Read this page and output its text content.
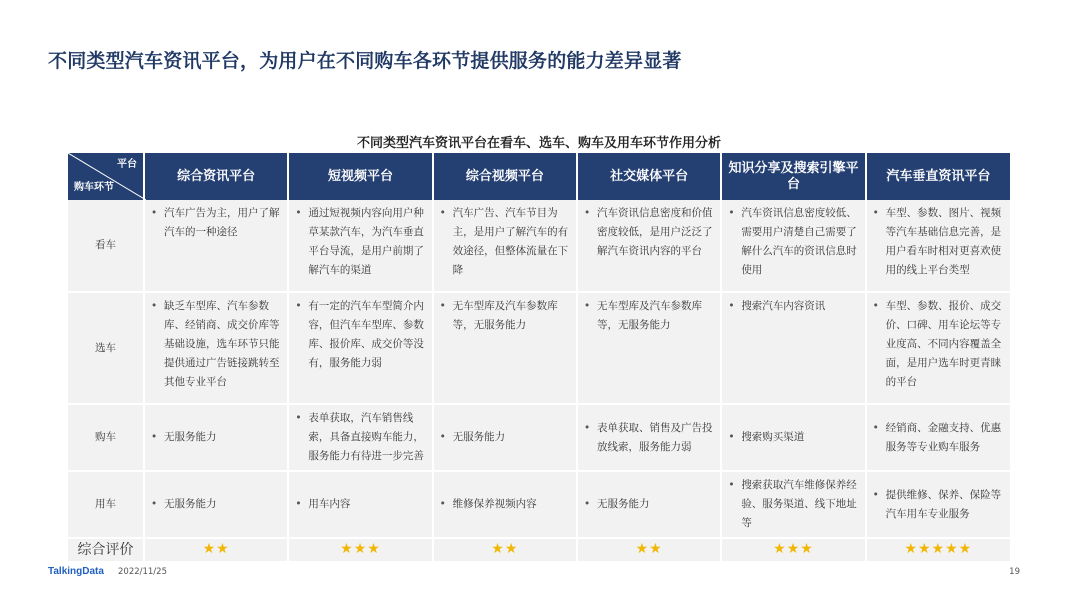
不同类型汽车资讯平台，为用户在不同购车各环节提供服务的能力差异显著
不同类型汽车资讯平台在看车、选车、购车及用车环节作用分析
平台
购车环节	综合资讯平台	短视频平台	综合视频平台	社交媒体平台	知识分享及搜索引擎平台	汽车垂直资讯平台
看车	• 汽车广告为主，用户了解汽车的一种途径	• 通过短视频内容向用户种草某款汽车，为汽车垂直平台导流，是用户前期了解汽车的渠道	• 汽车广告、汽车节目为主，是用户了解汽车的有效途径，但整体流量在下降	• 汽车资讯信息密度和价值密度较低，是用户泛泛了解汽车资讯内容的平台	• 汽车资讯信息密度较低、需要用户清楚自己需要了解什么汽车的资讯信息时使用	• 车型、参数、图片、视频等汽车基础信息完善，是用户看车时相对更喜欢使用的线上平台类型

选车	• 缺乏车型库、汽车参数库、经销商、成交价库等基础设施，选车环节只能提供通过广告链接跳转至其他专业平台	• 有一定的汽车车型简介内容，但汽车车型库、参数库、报价库、成交价等没有，服务能力弱	• 无车型库及汽车参数库等，无服务能力	• 无车型库及汽车参数库等，无服务能力	• 搜索汽车内容资讯	• 车型、参数、报价、成交价、口碑、用车论坛等专业度高、不同内容覆盖全面，是用户选车时更青睐的平台

购车	• 无服务能力	• 表单获取，汽车销售线索，具备直接购车能力，服务能力有待进一步完善	• 无服务能力	• 表单获取、销售及广告投放线索，服务能力弱	• 搜索购买渠道	• 经销商、金融支持、优惠服务等专业购车服务

用车	• 无服务能力	• 用车内容	• 维修保养视频内容	• 无服务能力	• 搜索获取汽车维修保养经验、服务渠道、线下地址等	• 提供维修、保养、保险等汽车用车专业服务

综合评价	★★	★★★	★★	★★	★★★	★★★★★
TalkingData 2022/11/25	19
